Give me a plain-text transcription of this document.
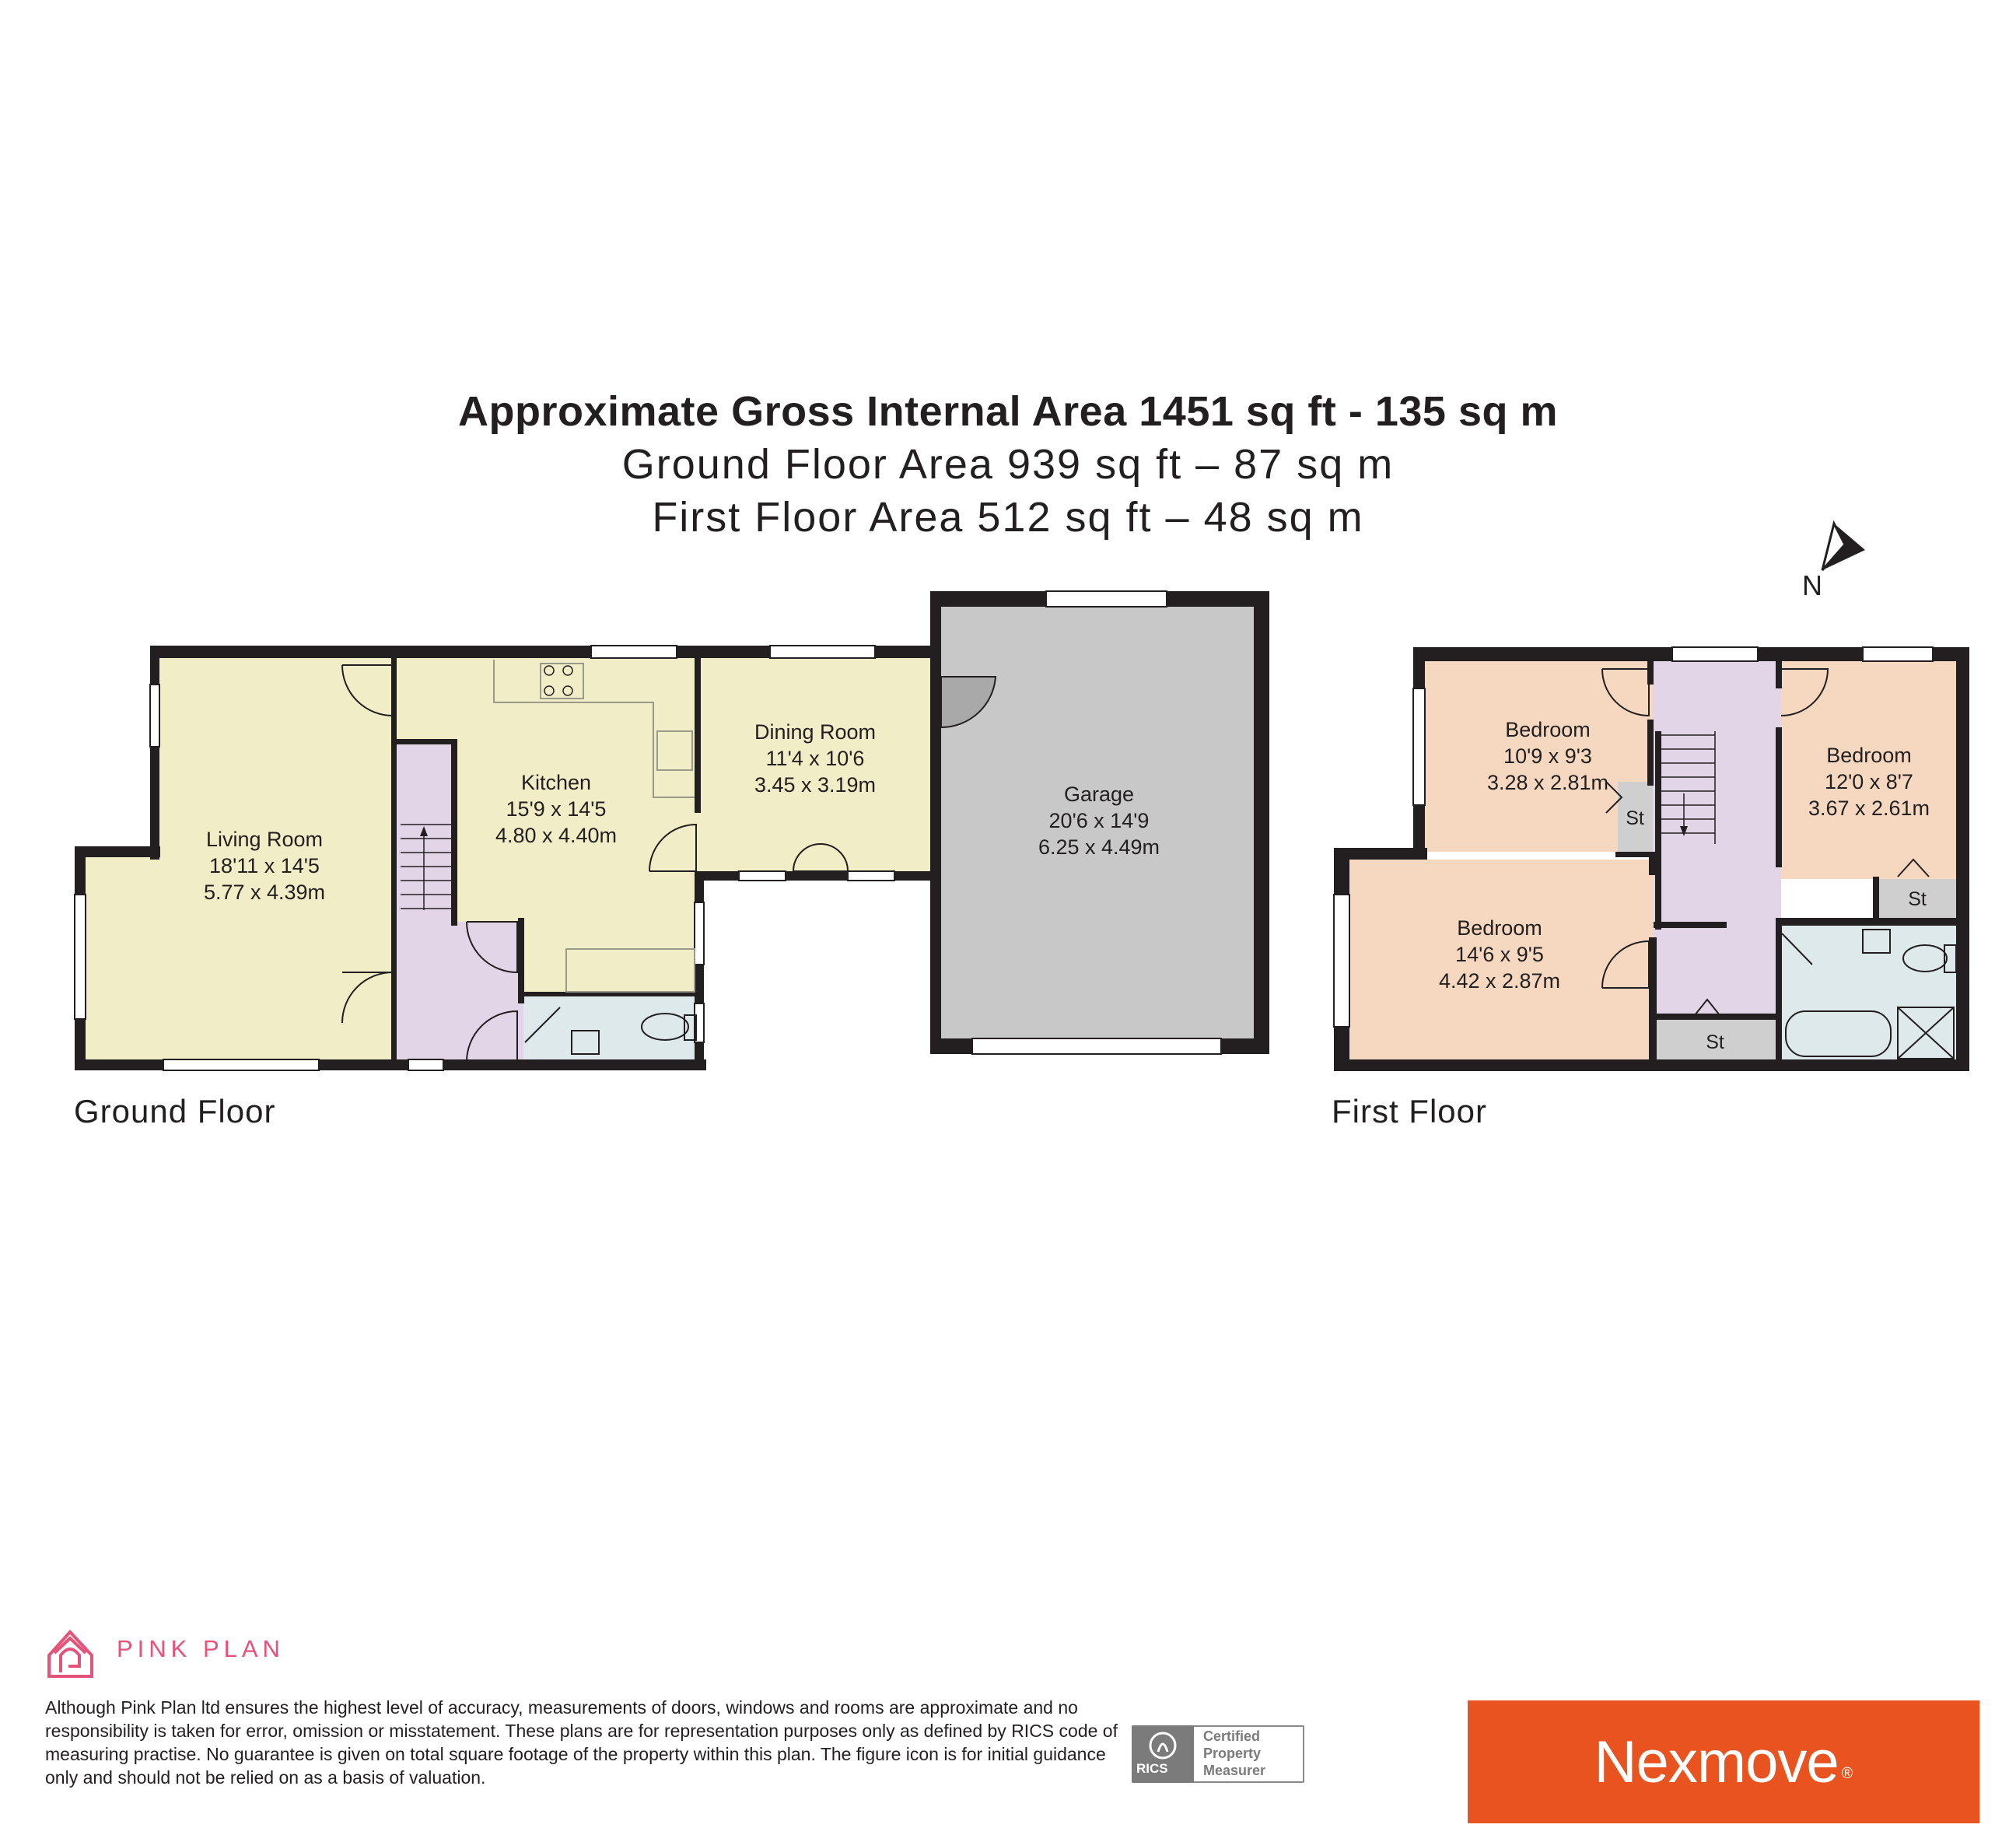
Approximate Gross Internal Area 1451 sq ft - 135 sq m
Ground Floor Area 939 sq ft – 87 sq m
First Floor Area 512 sq ft – 48 sq m
N
Living Room
18'11 x 14'5
5.77 x 4.39m
Kitchen
15'9 x 14'5
4.80 x 4.40m
Dining Room
11'4 x 10'6
3.45 x 3.19m	Garage
20'6 x 14'9
6.25 x 4.49m
Bedroom
10'9 x 9'3
3.28 x 2.81m
Bedroom
12'0 x 8'7
3.67 x 2.61m
Bedroom
14'6 x 9'5
4.42 x 2.87m
St
St
St
Ground Floor	First Floor
PINK PLAN
Although Pink Plan ltd ensures the highest level of accuracy, measurements of doors, windows and rooms are approximate and no responsibility is taken for error, omission or misstatement. These plans are for representation purposes only as defined by RICS code of measuring practise. No guarantee is given on total square footage of the property within this plan. The figure icon is for initial guidance only and should not be relied on as a basis of valuation.	RICS
Certified
Property
Measurer	Nexmove ®
